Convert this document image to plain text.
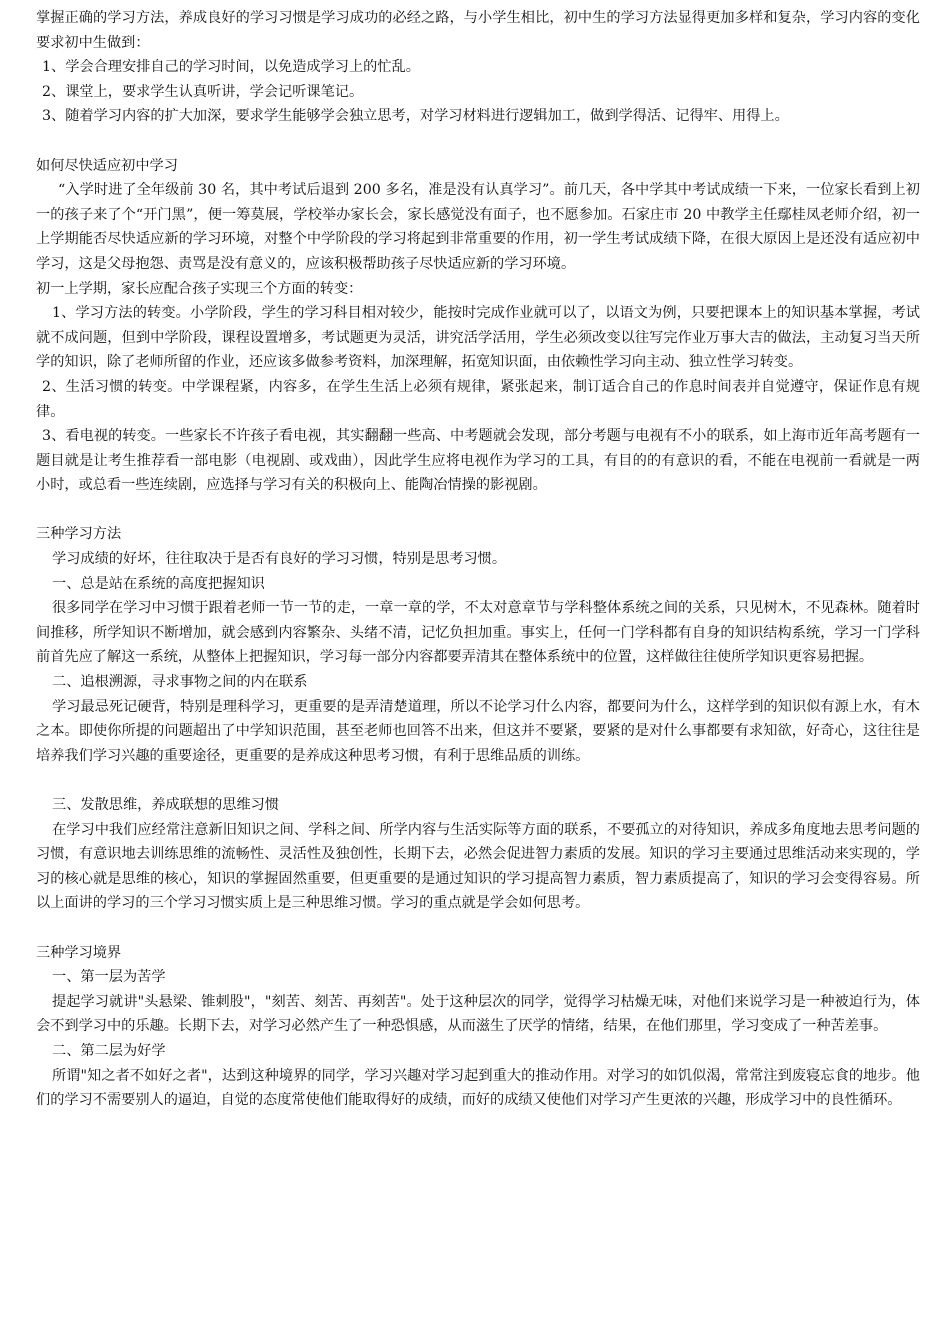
掌握正确的学习方法，养成良好的学习习惯是学习成功的必经之路，与小学生相比，初中生的学习方法显得更加多样和复杂，学习内容的变化要求初中生做到：

1、学会合理安排自己的学习时间，以免造成学习上的忙乱。

2、课堂上，要求学生认真听讲，学会记听课笔记。

3、随着学习内容的扩大加深，要求学生能够学会独立思考，对学习材料进行逻辑加工，做到学得活、记得牢、用得上。

如何尽快适应初中学习

“入学时进了全年级前 30 名，其中考试后退到 200 多名，准是没有认真学习”。前几天，各中学其中考试成绩一下来，一位家长看到上初一的孩子来了个“开门黑”，便一筹莫展，学校举办家长会，家长感觉没有面子，也不愿参加。石家庄市 20 中教学主任鄢桂凤老师介绍，初一上学期能否尽快适应新的学习环境，对整个中学阶段的学习将起到非常重要的作用，初一学生考试成绩下降，在很大原因上是还没有适应初中学习，这是父母抱怨、责骂是没有意义的，应该积极帮助孩子尽快适应新的学习环境。

初一上学期，家长应配合孩子实现三个方面的转变：

1、学习方法的转变。小学阶段，学生的学习科目相对较少，能按时完成作业就可以了，以语文为例，只要把课本上的知识基本掌握，考试就不成问题，但到中学阶段，课程设置增多，考试题更为灵活，讲究活学活用，学生必须改变以往写完作业万事大吉的做法，主动复习当天所学的知识，除了老师所留的作业，还应该多做参考资料，加深理解，拓宽知识面，由依赖性学习向主动、独立性学习转变。

2、生活习惯的转变。中学课程紧，内容多，在学生生活上必须有规律，紧张起来，制订适合自己的作息时间表并自觉遵守，保证作息有规律。

3、看电视的转变。一些家长不许孩子看电视，其实翻翻一些高、中考题就会发现，部分考题与电视有不小的联系，如上海市近年高考题有一题目就是让考生推荐看一部电影（电视剧、或戏曲），因此学生应将电视作为学习的工具，有目的的有意识的看，不能在电视前一看就是一两小时，或总看一些连续剧，应选择与学习有关的积极向上、能陶冶情操的影视剧。

三种学习方法

学习成绩的好坏，往往取决于是否有良好的学习习惯，特别是思考习惯。

一、总是站在系统的高度把握知识

很多同学在学习中习惯于跟着老师一节一节的走，一章一章的学，不太对意章节与学科整体系统之间的关系，只见树木，不见森林。随着时间推移，所学知识不断增加，就会感到内容繁杂、头绪不清，记忆负担加重。事实上，任何一门学科都有自身的知识结构系统，学习一门学科前首先应了解这一系统，从整体上把握知识，学习每一部分内容都要弄清其在整体系统中的位置，这样做往往使所学知识更容易把握。

二、追根溯源，寻求事物之间的内在联系

学习最忌死记硬背，特别是理科学习，更重要的是弄清楚道理，所以不论学习什么内容，都要问为什么，这样学到的知识似有源上水，有木之本。即使你所提的问题超出了中学知识范围，甚至老师也回答不出来，但这并不要紧，要紧的是对什么事都要有求知欲，好奇心，这往往是培养我们学习兴趣的重要途径，更重要的是养成这种思考习惯，有利于思维品质的训练。

三、发散思维，养成联想的思维习惯

在学习中我们应经常注意新旧知识之间、学科之间、所学内容与生活实际等方面的联系，不要孤立的对待知识，养成多角度地去思考问题的习惯，有意识地去训练思维的流畅性、灵活性及独创性，长期下去，必然会促进智力素质的发展。知识的学习主要通过思维活动来实现的，学习的核心就是思维的核心，知识的掌握固然重要，但更重要的是通过知识的学习提高智力素质，智力素质提高了，知识的学习会变得容易。所以上面讲的学习的三个学习习惯实质上是三种思维习惯。学习的重点就是学会如何思考。

三种学习境界

一、第一层为苦学

提起学习就讲"头悬梁、锥刺股"，"刻苦、刻苦、再刻苦"。处于这种层次的同学，觉得学习枯燥无味，对他们来说学习是一种被迫行为，体会不到学习中的乐趣。长期下去，对学习必然产生了一种恐惧感，从而滋生了厌学的情绪，结果，在他们那里，学习变成了一种苦差事。

二、第二层为好学

所谓"知之者不如好之者"，达到这种境界的同学，学习兴趣对学习起到重大的推动作用。对学习的如饥似渴，常常注到废寝忘食的地步。他们的学习不需要别人的逼迫，自觉的态度常使他们能取得好的成绩，而好的成绩又使他们对学习产生更浓的兴趣，形成学习中的良性循环。
